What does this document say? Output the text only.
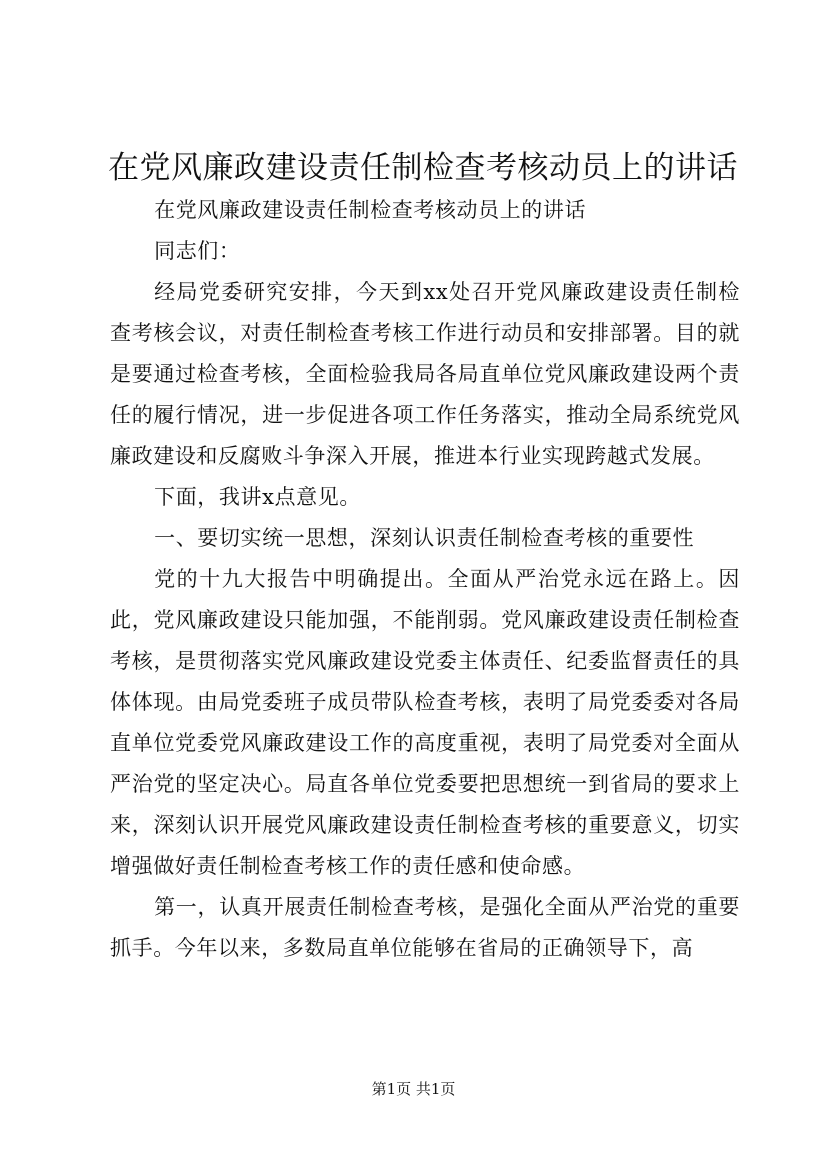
在党风廉政建设责任制检查考核动员上的讲话

在党风廉政建设责任制检查考核动员上的讲话

同志们：

经局党委研究安排，今天到xx处召开党风廉政建设责任制检查考核会议，对责任制检查考核工作进行动员和安排部署。目的就是要通过检查考核，全面检验我局各局直单位党风廉政建设两个责任的履行情况，进一步促进各项工作任务落实，推动全局系统党风廉政建设和反腐败斗争深入开展，推进本行业实现跨越式发展。

下面，我讲x点意见。

一、要切实统一思想，深刻认识责任制检查考核的重要性

党的十九大报告中明确提出。全面从严治党永远在路上。因此，党风廉政建设只能加强，不能削弱。党风廉政建设责任制检查考核，是贯彻落实党风廉政建设党委主体责任、纪委监督责任的具体体现。由局党委班子成员带队检查考核，表明了局党委委对各局直单位党委党风廉政建设工作的高度重视，表明了局党委对全面从严治党的坚定决心。局直各单位党委要把思想统一到省局的要求上来，深刻认识开展党风廉政建设责任制检查考核的重要意义，切实增强做好责任制检查考核工作的责任感和使命感。

第一，认真开展责任制检查考核，是强化全面从严治党的重要抓手。今年以来，多数局直单位能够在省局的正确领导下，高

第1页 共1页
